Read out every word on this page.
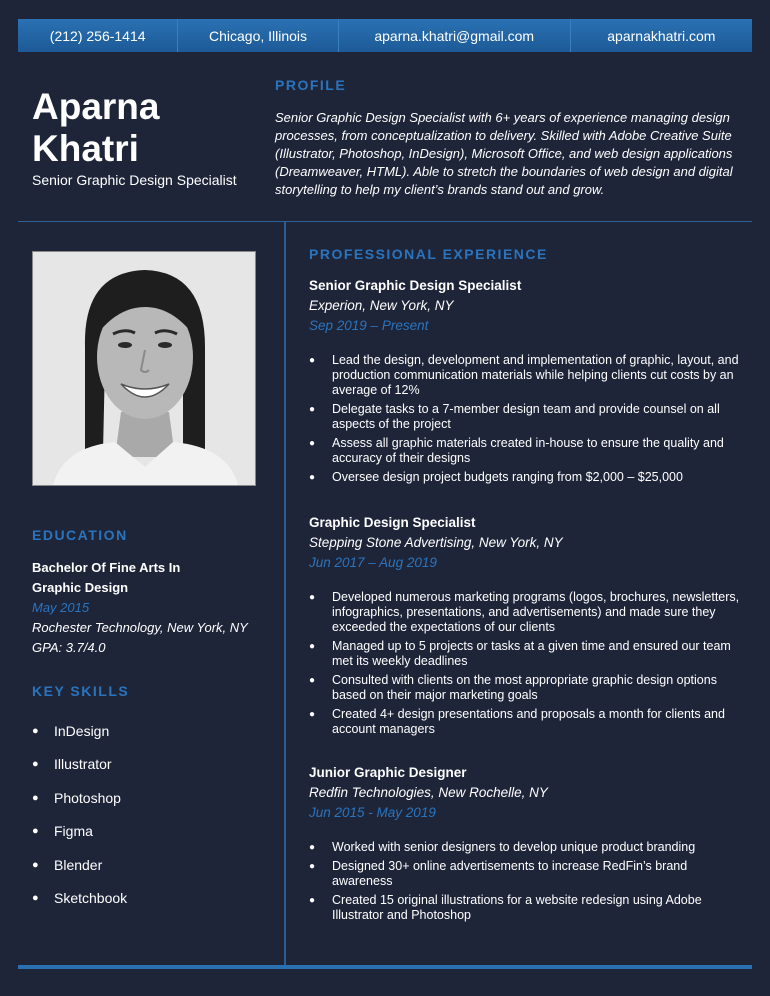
(212) 256-1414	Chicago, Illinois	aparna.khatri@gmail.com	aparnakhatri.com
Aparna Khatri
Senior Graphic Design Specialist
PROFILE
Senior Graphic Design Specialist with 6+ years of experience managing design processes, from conceptualization to delivery. Skilled with Adobe Creative Suite (Illustrator, Photoshop, InDesign), Microsoft Office, and web design applications (Dreamweaver, HTML). Able to stretch the boundaries of web design and digital storytelling to help my client’s brands stand out and grow.
EDUCATION
Bachelor Of Fine Arts In
Graphic Design
May 2015
Rochester Technology, New York, NY
GPA: 3.7/4.0
KEY SKILLS
●	InDesign
●	Illustrator
●	Photoshop
●	Figma
●	Blender
●	Sketchbook
PROFESSIONAL EXPERIENCE
Senior Graphic Design Specialist
Experion, New York, NY
Sep 2019 – Present
● Lead the design, development and implementation of graphic, layout, and production communication materials while helping clients cut costs by an average of 12%
● Delegate tasks to a 7-member design team and provide counsel on all aspects of the project
● Assess all graphic materials created in-house to ensure the quality and accuracy of their designs
● Oversee design project budgets ranging from $2,000 – $25,000
Graphic Design Specialist
Stepping Stone Advertising, New York, NY
Jun 2017 – Aug 2019
● Developed numerous marketing programs (logos, brochures, newsletters, infographics, presentations, and advertisements) and made sure they exceeded the expectations of our clients
● Managed up to 5 projects or tasks at a given time and ensured our team met its weekly deadlines
● Consulted with clients on the most appropriate graphic design options based on their major marketing goals
● Created 4+ design presentations and proposals a month for clients and account managers
Junior Graphic Designer
Redfin Technologies, New Rochelle, NY
Jun 2015 - May 2019
● Worked with senior designers to develop unique product branding
● Designed 30+ online advertisements to increase RedFin’s brand awareness
● Created 15 original illustrations for a website redesign using Adobe Illustrator and Photoshop
